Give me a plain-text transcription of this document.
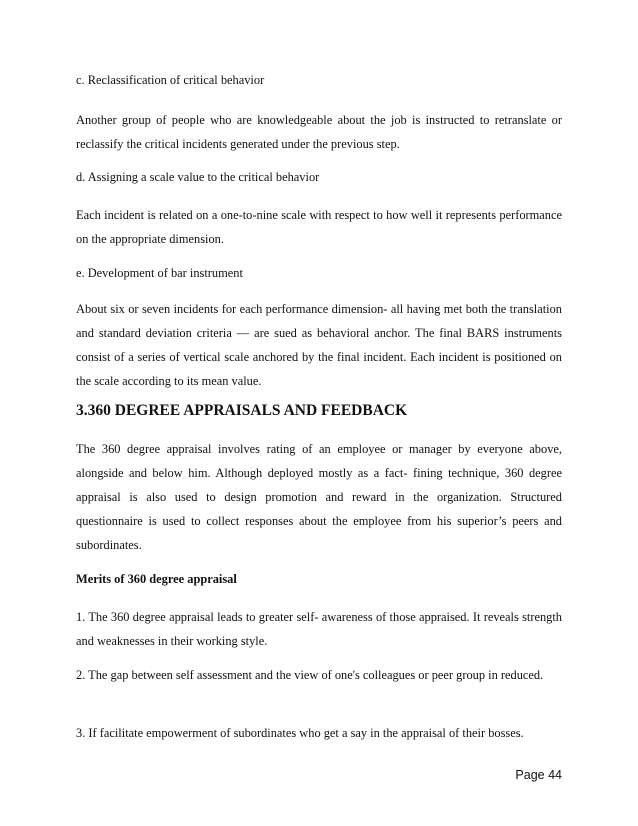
c. Reclassification of critical behavior

Another group of people who are knowledgeable about the job is instructed to retranslate or reclassify the critical incidents generated under the previous step.

d. Assigning a scale value to the critical behavior

Each incident is related on a one-to-nine scale with respect to how well it represents performance on the appropriate dimension.

e. Development of bar instrument

About six or seven incidents for each performance dimension- all having met both the translation and standard deviation criteria — are sued as behavioral anchor. The final BARS instruments consist of a series of vertical scale anchored by the final incident. Each incident is positioned on the scale according to its mean value.

3.360 DEGREE APPRAISALS AND FEEDBACK

The 360 degree appraisal involves rating of an employee or manager by everyone above, alongside and below him. Although deployed mostly as a fact- fining technique, 360 degree appraisal is also used to design promotion and reward in the organization. Structured questionnaire is used to collect responses about the employee from his superior’s peers and subordinates.

Merits of 360 degree appraisal

1. The 360 degree appraisal leads to greater self- awareness of those appraised. It reveals strength and weaknesses in their working style.

2. The gap between self assessment and the view of one's colleagues or peer group in reduced.

3. If facilitate empowerment of subordinates who get a say in the appraisal of their bosses.

Page 44
